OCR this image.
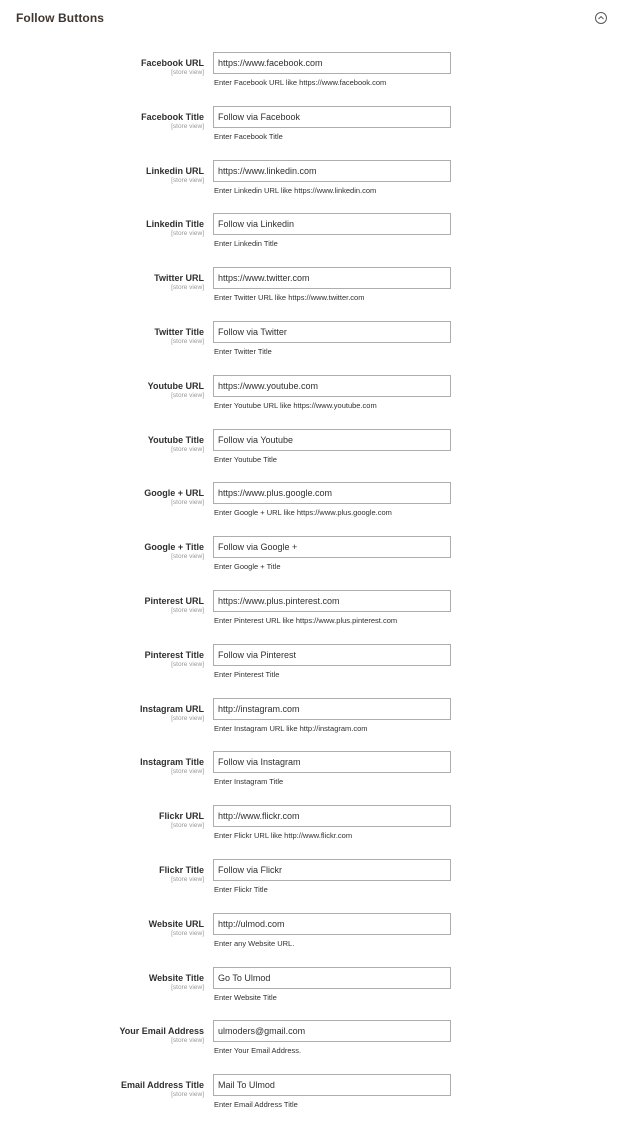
Follow Buttons
Facebook URL
[store view]
https://www.facebook.com
Enter Facebook URL like https://www.facebook.com
Facebook Title
[store view]
Follow via Facebook
Enter Facebook Title
Linkedin URL
[store view]
https://www.linkedin.com
Enter Linkedin URL like https://www.linkedin.com
Linkedin Title
[store view]
Follow via Linkedin
Enter Linkedin Title
Twitter URL
[store view]
https://www.twitter.com
Enter Twitter URL like https://www.twitter.com
Twitter Title
[store view]
Follow via Twitter
Enter Twitter Title
Youtube URL
[store view]
https://www.youtube.com
Enter Youtube URL like https://www.youtube.com
Youtube Title
[store view]
Follow via Youtube
Enter Youtube Title
Google + URL
[store view]
https://www.plus.google.com
Enter Google + URL like https://www.plus.google.com
Google + Title
[store view]
Follow via Google +
Enter Google + Title
Pinterest URL
[store view]
https://www.plus.pinterest.com
Enter Pinterest URL like https://www.plus.pinterest.com
Pinterest Title
[store view]
Follow via Pinterest
Enter Pinterest Title
Instagram URL
[store view]
http://instagram.com
Enter Instagram URL like http://instagram.com
Instagram Title
[store view]
Follow via Instagram
Enter Instagram Title
Flickr URL
[store view]
http://www.flickr.com
Enter Flickr URL like http://www.flickr.com
Flickr Title
[store view]
Follow via Flickr
Enter Flickr Title
Website URL
[store view]
http://ulmod.com
Enter any Website URL.
Website Title
[store view]
Go To Ulmod
Enter Website Title
Your Email Address
[store view]
ulmoders@gmail.com
Enter Your Email Address.
Email Address Title
[store view]
Mail To Ulmod
Enter Email Address Title
